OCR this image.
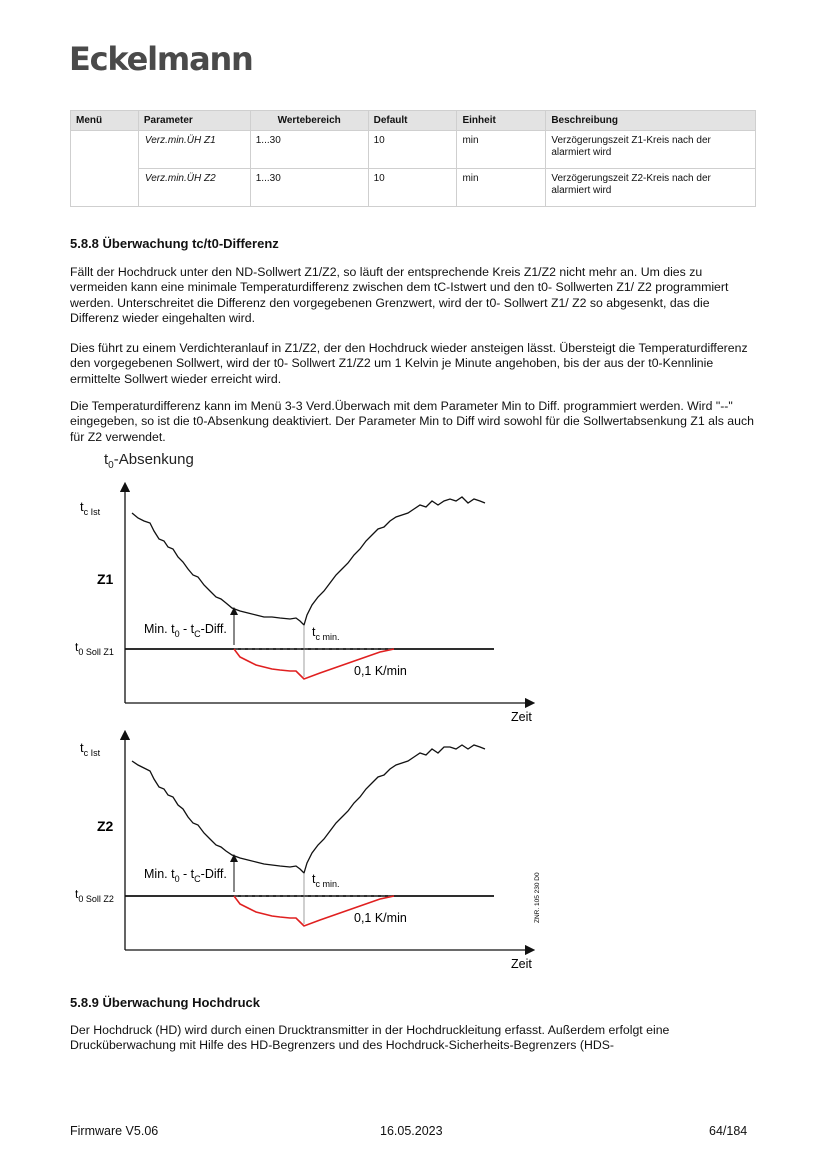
Eckelmann
Menü	Parameter	Wertebereich	Default	Einheit	Beschreibung
	Verz.min.ÜH Z1	1...30	10	min	Verzögerungszeit Z1-Kreis nach der alarmiert wird
	Verz.min.ÜH Z2	1...30	10	min	Verzögerungszeit Z2-Kreis nach der alarmiert wird
5.8.8 Überwachung tc/t0-Differenz

Fällt der Hochdruck unter den ND-Sollwert Z1/Z2, so läuft der entsprechende Kreis Z1/Z2 nicht mehr an. Um dies zu vermeiden kann eine minimale Temperaturdifferenz zwischen dem tC-Istwert und den t0- Sollwerten Z1/ Z2 programmiert werden. Unterschreitet die Differenz den vorgegebenen Grenzwert, wird der t0- Sollwert Z1/ Z2 so abgesenkt, das die Differenz wieder eingehalten wird.

Dies führt zu einem Verdichteranlauf in Z1/Z2, der den Hochdruck wieder ansteigen lässt. Übersteigt die Temperaturdifferenz den vorgegebenen Sollwert, wird der t0- Sollwert Z1/Z2 um 1 Kelvin je Minute angehoben, bis der aus der t0-Kennlinie ermittelte Sollwert wieder erreicht wird.

Die Temperaturdifferenz kann im Menü 3-3 Verd.Überwach mit dem Parameter Min to Diff. programmiert werden. Wird "--" eingegeben, so ist die t0-Absenkung deaktiviert. Der Parameter Min to Diff wird sowohl für die Sollwertabsenkung Z1 als auch für Z2 verwendet.

$t_0$-Absenkung
$t_{c Ist}$
Z1
$t_{0 Soll Z1}$
Min. $t_0$ - $t_C$-Diff.	$t_{c min.}$
0,1 K/min
Zeit
$t_{c Ist}$
Z2
$t_{0 Soll Z2}$
Min. $t_0$ - $t_C$-Diff.	$t_{c min.}$
0,1 K/min
Zeit
ZNR. 105 230 D0
5.8.9 Überwachung Hochdruck

Der Hochdruck (HD) wird durch einen Drucktransmitter in der Hochdruckleitung erfasst. Außerdem erfolgt eine Drucküberwachung mit Hilfe des HD-Begrenzers und des Hochdruck-Sicherheits-Begrenzers (HDS-

Firmware V5.06	16.05.2023	64/184
